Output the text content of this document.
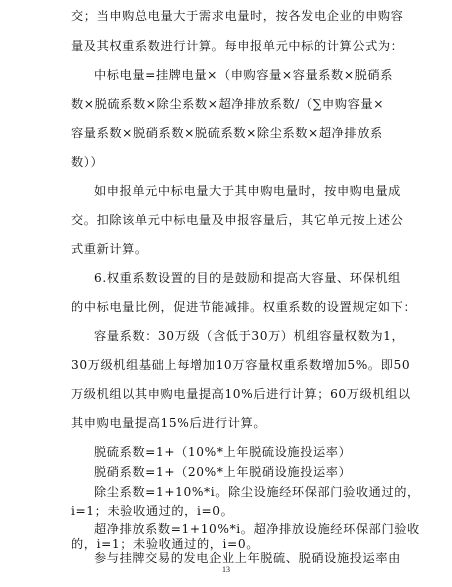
交；当申购总电量大于需求电量时，按各发电企业的申购容
量及其权重系数进行计算。每申报单元中标的计算公式为：
中标电量=挂牌电量×（申购容量×容量系数×脱硝系
数×脱硫系数×除尘系数×超净排放系数/（∑申购容量×
容量系数×脱硝系数×脱硫系数×除尘系数×超净排放系
数））
如申报单元中标电量大于其申购电量时，按申购电量成
交。扣除该单元中标电量及申报容量后，其它单元按上述公
式重新计算。
6.权重系数设置的目的是鼓励和提高大容量、环保机组
的中标电量比例，促进节能减排。权重系数的设置规定如下：
容量系数：30万级（含低于30万）机组容量权数为1，
30万级机组基础上每增加10万容量权重系数增加5%。即50
万级机组以其申购电量提高10%后进行计算；60万级机组以
其申购电量提高15%后进行计算。
脱硫系数=1+（10%*上年脱硫设施投运率）
脱硝系数=1+（20%*上年脱硝设施投运率）
除尘系数=1+10%*i。除尘设施经环保部门验收通过的，
i=1；未验收通过的，i=0。
超净排放系数=1+10%*i。超净排放设施经环保部门验收
的，i=1；未验收通过的，i=0。
参与挂牌交易的发电企业上年脱硫、脱硝设施投运率由
13
